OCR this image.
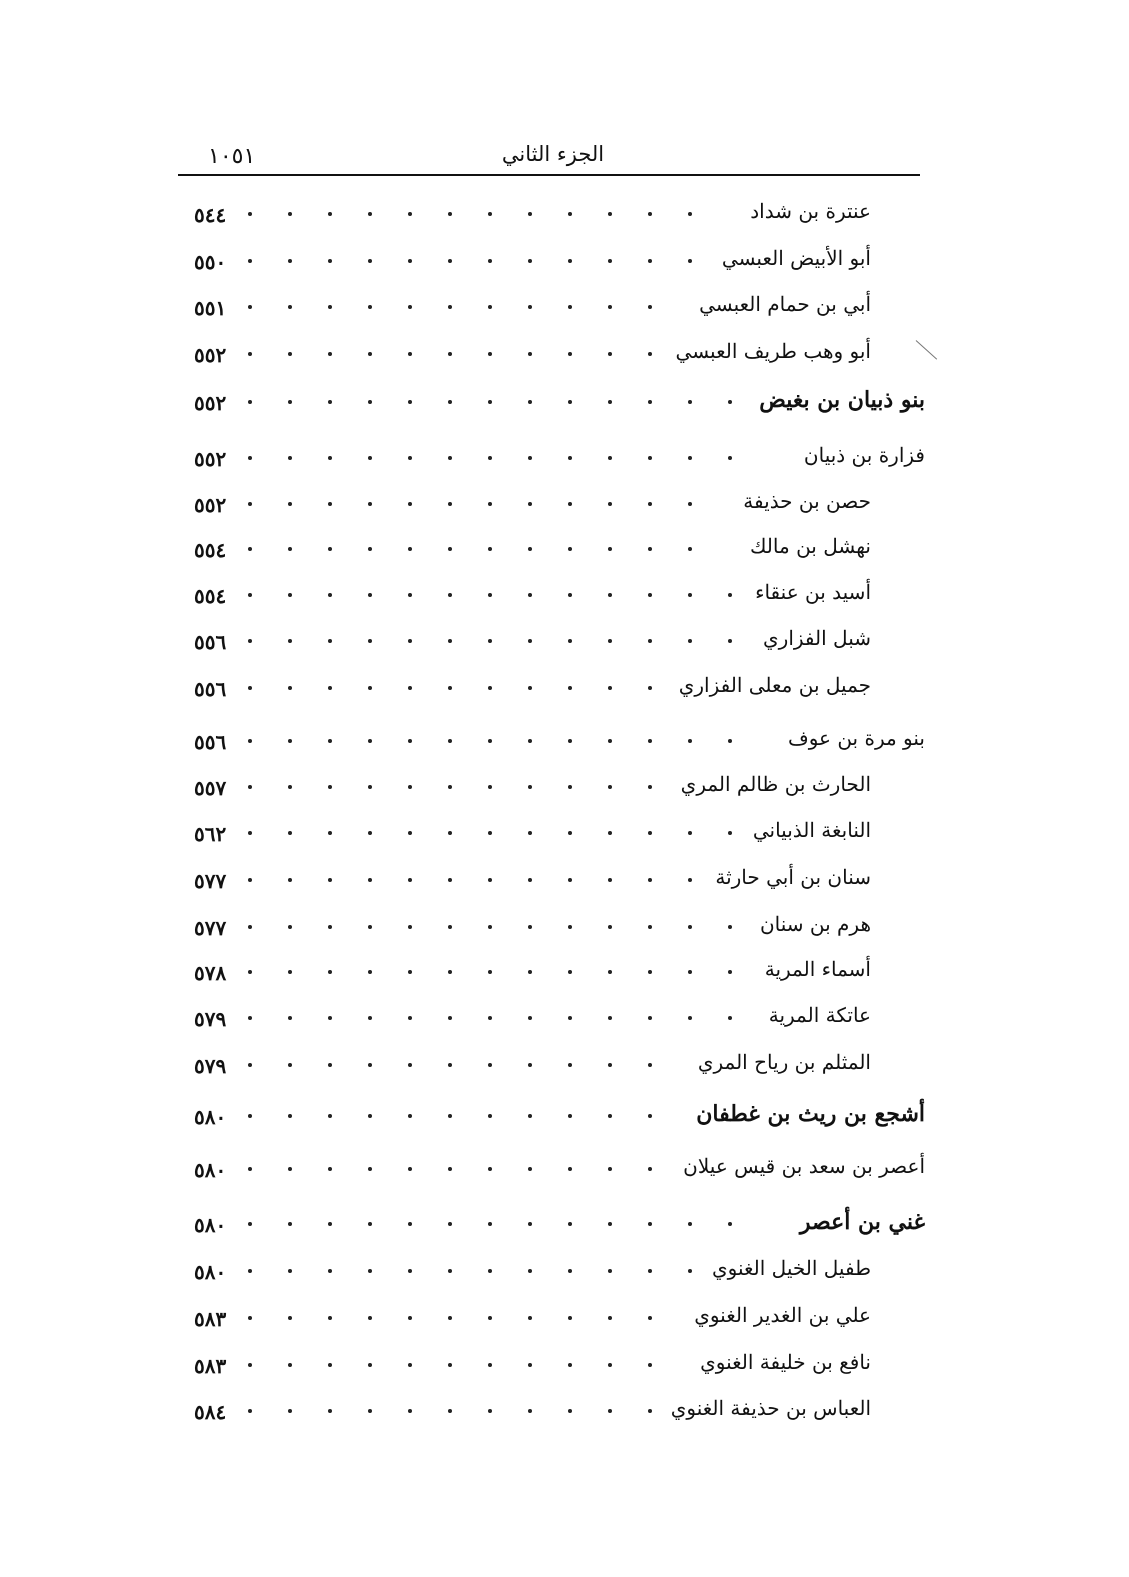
١٠٥١	الجزء الثاني
٥٤٤	عنترة بن شداد
٥٥٠	أبو الأبيض العبسي
٥٥١	أبي بن حمام العبسي
٥٥٢	أبو وهب طريف العبسي
٥٥٢	بنو ذبيان بن بغيض
٥٥٢	فزارة بن ذبيان
٥٥٢	حصن بن حذيفة
٥٥٤	نهشل بن مالك
٥٥٤	أسيد بن عنقاء
٥٥٦	شبل الفزاري
٥٥٦	جميل بن معلى الفزاري
٥٥٦	بنو مرة بن عوف
٥٥٧	الحارث بن ظالم المري
٥٦٢	النابغة الذبياني
٥٧٧	سنان بن أبي حارثة
٥٧٧	هرم بن سنان
٥٧٨	أسماء المرية
٥٧٩	عاتكة المرية
٥٧٩	المثلم بن رياح المري
٥٨٠	أشجع بن ريث بن غطفان
٥٨٠	أعصر بن سعد بن قيس عيلان
٥٨٠	غني بن أعصر
٥٨٠	طفيل الخيل الغنوي
٥٨٣	علي بن الغدير الغنوي
٥٨٣	نافع بن خليفة الغنوي
٥٨٤	العباس بن حذيفة الغنوي
